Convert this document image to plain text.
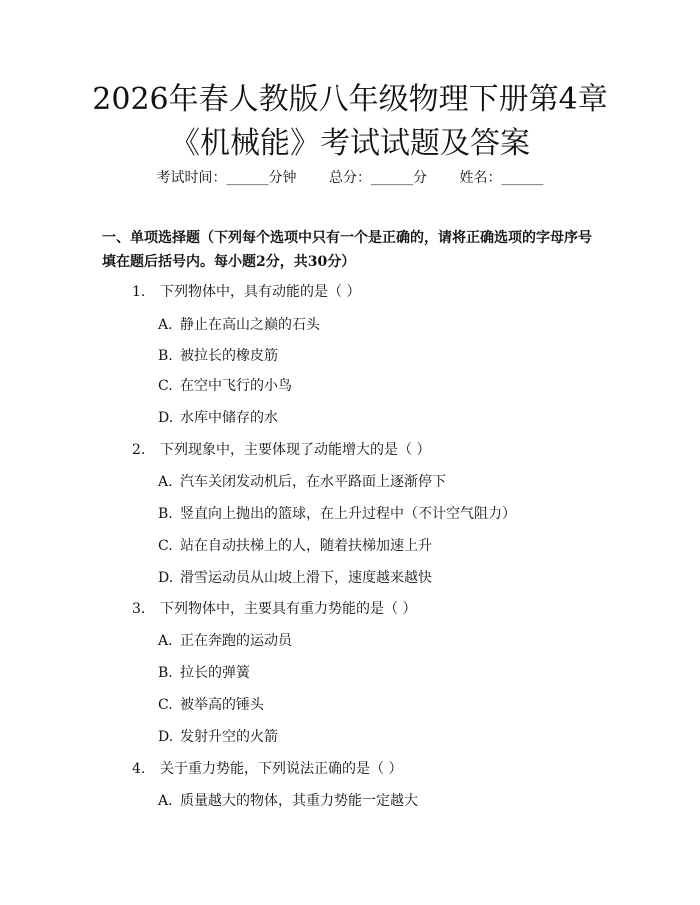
2026年春人教版八年级物理下册第4章《机械能》考试试题及答案
考试时间：______分钟 总分：______分 姓名：______

一、单项选择题（下列每个选项中只有一个是正确的，请将正确选项的字母序号填在题后括号内。每小题2分，共30分）

1. 下列物体中，具有动能的是（ ）
A. 静止在高山之巅的石头
B. 被拉长的橡皮筋
C. 在空中飞行的小鸟
D. 水库中储存的水
2. 下列现象中，主要体现了动能增大的是（ ）
A. 汽车关闭发动机后，在水平路面上逐渐停下
B. 竖直向上抛出的篮球，在上升过程中（不计空气阻力）
C. 站在自动扶梯上的人，随着扶梯加速上升
D. 滑雪运动员从山坡上滑下，速度越来越快
3. 下列物体中，主要具有重力势能的是（ ）
A. 正在奔跑的运动员
B. 拉长的弹簧
C. 被举高的锤头
D. 发射升空的火箭
4. 关于重力势能，下列说法正确的是（ ）
A. 质量越大的物体，其重力势能一定越大
